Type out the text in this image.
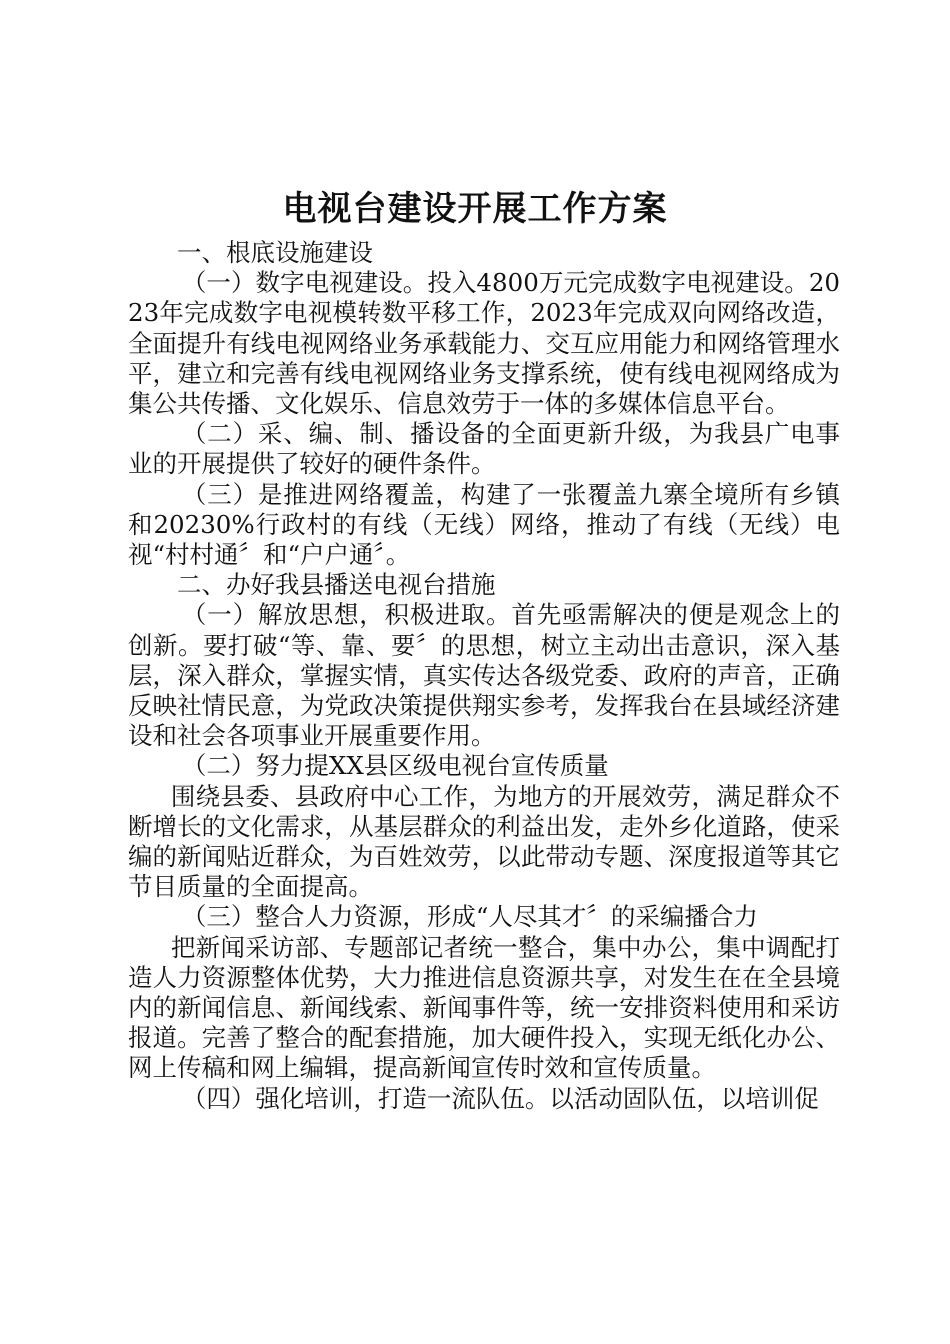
电视台建设开展工作方案

一、根底设施建设

（一）数字电视建设。投入4800万元完成数字电视建设。2023年完成数字电视模转数平移工作，2023年完成双向网络改造，全面提升有线电视网络业务承载能力、交互应用能力和网络管理水平，建立和完善有线电视网络业务支撑系统，使有线电视网络成为集公共传播、文化娱乐、信息效劳于一体的多媒体信息平台。

（二）采、编、制、播设备的全面更新升级，为我县广电事业的开展提供了较好的硬件条件。

（三）是推进网络覆盖，构建了一张覆盖九寨全境所有乡镇和20230%行政村的有线（无线）网络，推动了有线（无线）电视“村村通〞和“户户通〞。

二、办好我县播送电视台措施

（一）解放思想，积极进取。首先亟需解决的便是观念上的创新。要打破“等、靠、要〞的思想，树立主动出击意识，深入基层，深入群众，掌握实情，真实传达各级党委、政府的声音，正确反映社情民意，为党政决策提供翔实参考，发挥我台在县域经济建设和社会各项事业开展重要作用。

（二）努力提XX县区级电视台宣传质量

围绕县委、县政府中心工作，为地方的开展效劳，满足群众不断增长的文化需求，从基层群众的利益出发，走外乡化道路，使采编的新闻贴近群众，为百姓效劳，以此带动专题、深度报道等其它节目质量的全面提高。

（三）整合人力资源，形成“人尽其才〞的采编播合力

把新闻采访部、专题部记者统一整合，集中办公，集中调配打造人力资源整体优势，大力推进信息资源共享，对发生在在全县境内的新闻信息、新闻线索、新闻事件等，统一安排资料使用和采访报道。完善了整合的配套措施，加大硬件投入，实现无纸化办公、网上传稿和网上编辑，提高新闻宣传时效和宣传质量。

（四）强化培训，打造一流队伍。以活动固队伍，以培训促
